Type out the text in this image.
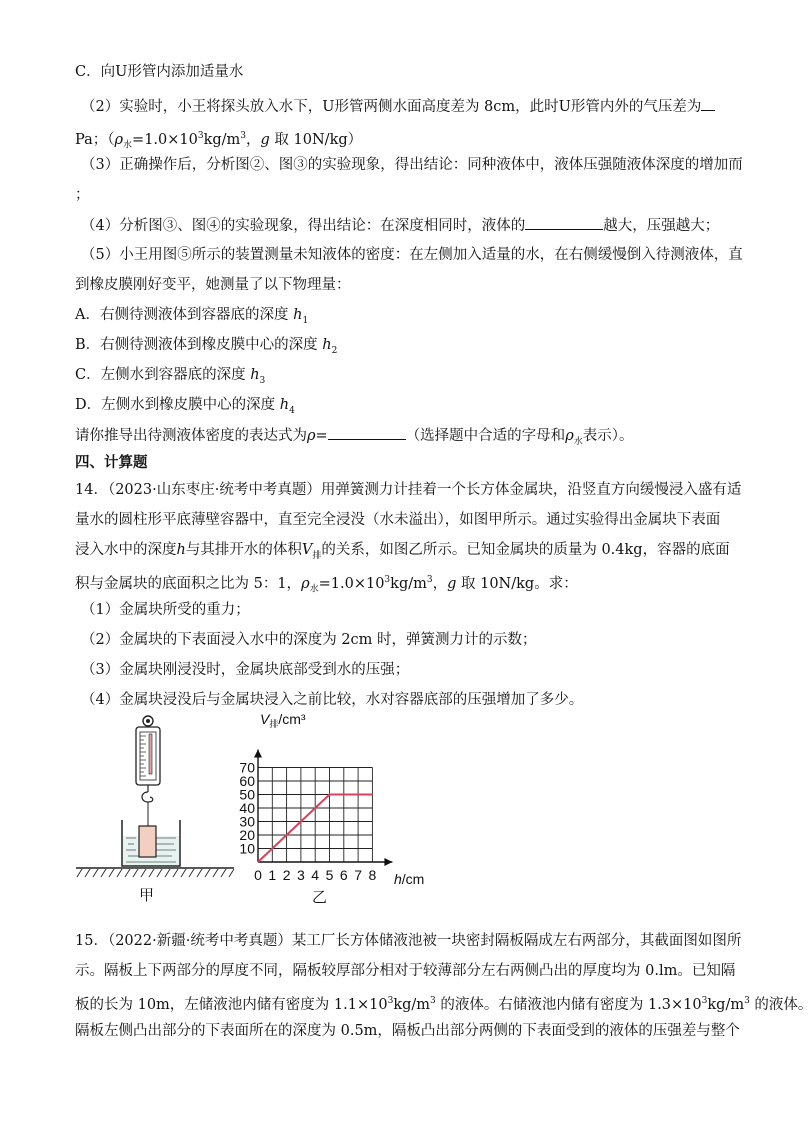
C．向U形管内添加适量水
（2）实验时，小王将探头放入水下，U形管两侧水面高度差为 8cm，此时U形管内外的气压差为
Pa；（$\rho_水=1.0\times 10^3kg/m^3$，g 取 10N/kg）
（3）正确操作后，分析图②、图③的实验现象，得出结论：同种液体中，液体压强随液体深度的增加而
；
（4）分析图③、图④的实验现象，得出结论：在深度相同时，液体的	越大，压强越大；
（5）小王用图⑤所示的装置测量未知液体的密度：在左侧加入适量的水，在右侧缓慢倒入待测液体，直
到橡皮膜刚好变平，她测量了以下物理量：
A．右侧待测液体到容器底的深度 $h_1$
B．右侧待测液体到橡皮膜中心的深度 $h_2$
C．左侧水到容器底的深度 $h_3$
D．左侧水到橡皮膜中心的深度 $h_4$
请你推导出待测液体密度的表达式为ρ=	（选择题中合适的字母和$\rho_水$表示）。
四、计算题
14．（2023·山东枣庄·统考中考真题）用弹簧测力计挂着一个长方体金属块，沿竖直方向缓慢浸入盛有适
量水的圆柱形平底薄壁容器中，直至完全浸没（水未溢出），如图甲所示。通过实验得出金属块下表面
浸入水中的深度h与其排开水的体积$V_排$的关系，如图乙所示。已知金属块的质量为 0.4kg，容器的底面
积与金属块的底面积之比为 5：1，$\rho_水=1.0\times 10^3kg/m^3$，g 取 10N/kg。求：
（1）金属块所受的重力；
（2）金属块的下表面浸入水中的深度为 2cm 时，弹簧测力计的示数；
（3）金属块刚浸没时，金属块底部受到水的压强；
（4）金属块浸没后与金属块浸入之前比较，水对容器底部的压强增加了多少。
甲
0 1 2 3 4 5 6 7 8
10
20
30
40
50
60
70
$V_排$/cm³
h/cm
乙
15．（2022·新疆·统考中考真题）某工厂长方体储液池被一块密封隔板隔成左右两部分，其截面图如图所
示。隔板上下两部分的厚度不同，隔板较厚部分相对于较薄部分左右两侧凸出的厚度均为 0.lm。已知隔
板的长为 10m，左储液池内储有密度为 $1.1\times 10^3kg/m^3$ 的液体。右储液池内储有密度为 $1.3\times 10^3kg/m^3$ 的液体。
隔板左侧凸出部分的下表面所在的深度为 0.5m，隔板凸出部分两侧的下表面受到的液体的压强差与整个
